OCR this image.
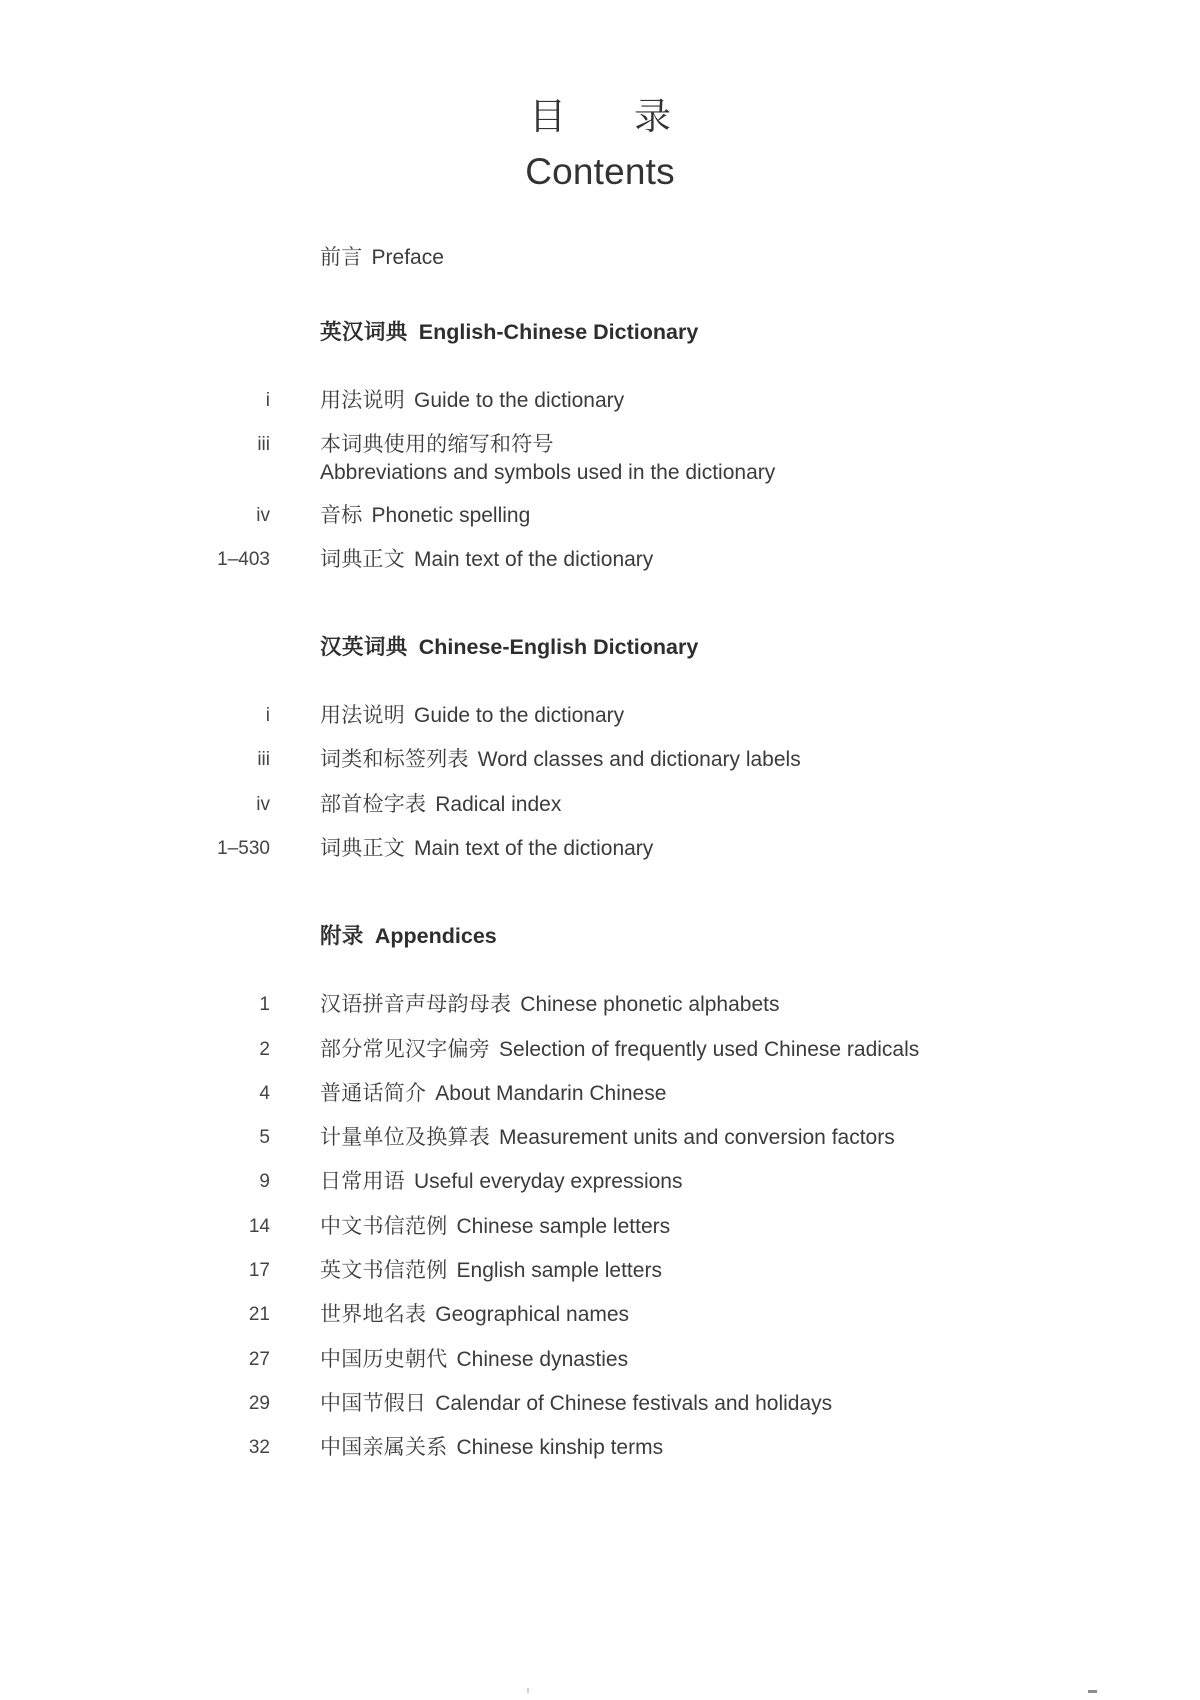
目　录
Contents
前言 Preface
英汉词典 English-Chinese Dictionary
i	用法说明 Guide to the dictionary
iii	本词典使用的缩写和符号
Abbreviations and symbols used in the dictionary
iv	音标 Phonetic spelling
1–403	词典正文 Main text of the dictionary
汉英词典 Chinese-English Dictionary
i	用法说明 Guide to the dictionary
iii	词类和标签列表 Word classes and dictionary labels
iv	部首检字表 Radical index
1–530	词典正文 Main text of the dictionary
附录 Appendices
1	汉语拼音声母韵母表 Chinese phonetic alphabets
2	部分常见汉字偏旁 Selection of frequently used Chinese radicals
4	普通话简介 About Mandarin Chinese
5	计量单位及换算表 Measurement units and conversion factors
9	日常用语 Useful everyday expressions
14	中文书信范例 Chinese sample letters
17	英文书信范例 English sample letters
21	世界地名表 Geographical names
27	中国历史朝代 Chinese dynasties
29	中国节假日 Calendar of Chinese festivals and holidays
32	中国亲属关系 Chinese kinship terms
